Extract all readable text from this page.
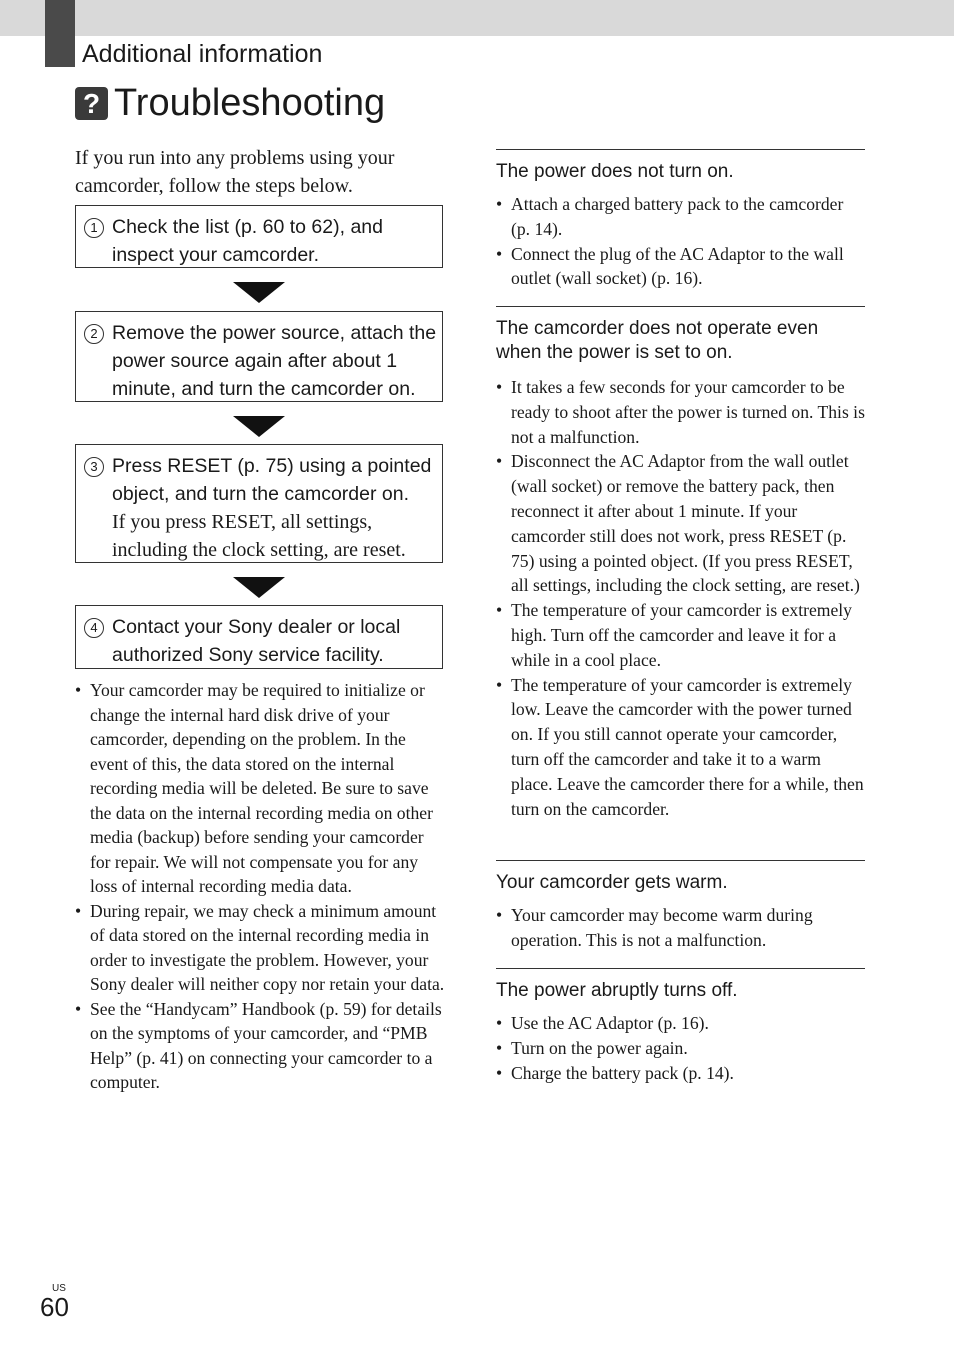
Additional information
? Troubleshooting
If you run into any problems using your camcorder, follow the steps below.
1 Check the list (p. 60 to 62), and inspect your camcorder.
2 Remove the power source, attach the power source again after about 1 minute, and turn the camcorder on.
3 Press RESET (p. 75) using a pointed object, and turn the camcorder on.
If you press RESET, all settings, including the clock setting, are reset.
4 Contact your Sony dealer or local authorized Sony service facility.
• Your camcorder may be required to initialize or change the internal hard disk drive of your camcorder, depending on the problem. In the event of this, the data stored on the internal recording media will be deleted. Be sure to save the data on the internal recording media on other media (backup) before sending your camcorder for repair. We will not compensate you for any loss of internal recording media data.
• During repair, we may check a minimum amount of data stored on the internal recording media in order to investigate the problem. However, your Sony dealer will neither copy nor retain your data.
• See the “Handycam” Handbook (p. 59) for details on the symptoms of your camcorder, and “PMB Help” (p. 41) on connecting your camcorder to a computer.
The power does not turn on.
• Attach a charged battery pack to the camcorder (p. 14).
• Connect the plug of the AC Adaptor to the wall outlet (wall socket) (p. 16).
The camcorder does not operate even when the power is set to on.
• It takes a few seconds for your camcorder to be ready to shoot after the power is turned on. This is not a malfunction.
• Disconnect the AC Adaptor from the wall outlet (wall socket) or remove the battery pack, then reconnect it after about 1 minute. If your camcorder still does not work, press RESET (p. 75) using a pointed object. (If you press RESET, all settings, including the clock setting, are reset.)
• The temperature of your camcorder is extremely high. Turn off the camcorder and leave it for a while in a cool place.
• The temperature of your camcorder is extremely low. Leave the camcorder with the power turned on. If you still cannot operate your camcorder, turn off the camcorder and take it to a warm place. Leave the camcorder there for a while, then turn on the camcorder.
Your camcorder gets warm.
• Your camcorder may become warm during operation. This is not a malfunction.
The power abruptly turns off.
• Use the AC Adaptor (p. 16).
• Turn on the power again.
• Charge the battery pack (p. 14).
US
60
